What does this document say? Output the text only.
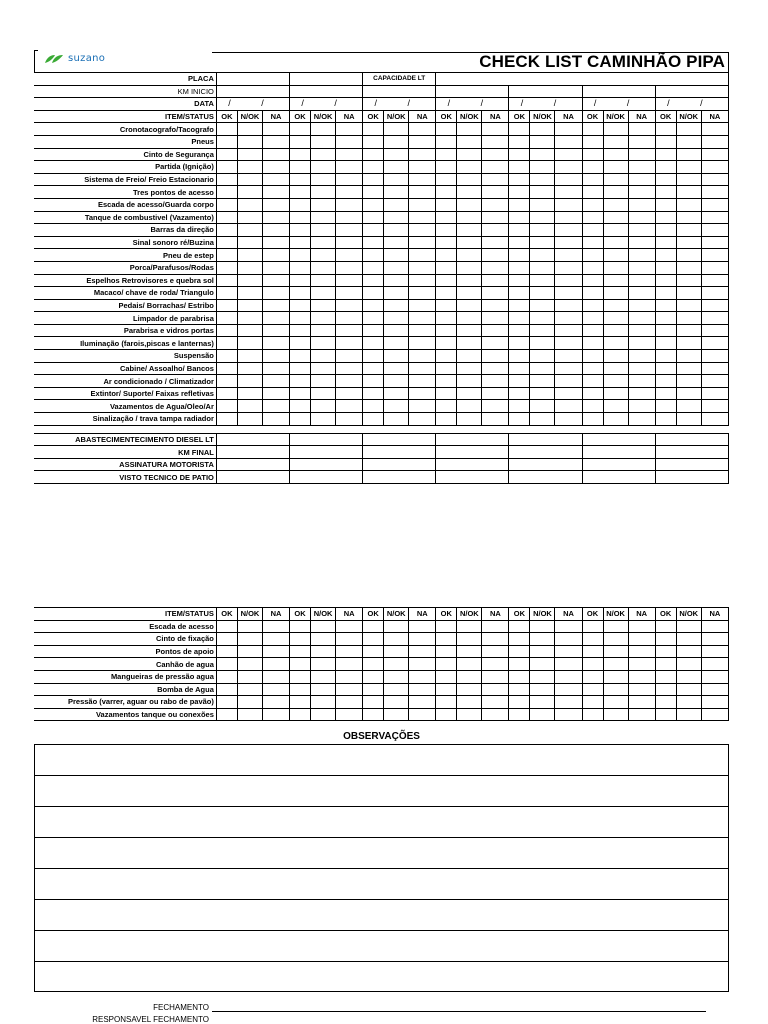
suzano	CHECK LIST CAMINHÃO PIPA
PLACA							CAPACIDADE LT														
KM INICIO																					
DATA	/ /			/ /			/ /			/ /			/ /			/ /			/ /		
ITEM/STATUS	OK	N/OK	NA	OK	N/OK	NA	OK	N/OK	NA	OK	N/OK	NA	OK	N/OK	NA	OK	N/OK	NA	OK	N/OK	NA
Cronotacografo/Tacografo																					
Pneus																					
Cinto de Segurança																					
Partida (Ignição)																					
Sistema de Freio/ Freio Estacionario																					
Tres pontos de acesso																					
Escada de acesso/Guarda corpo																					
Tanque de combustivel (Vazamento)																					
Barras da direção																					
Sinal sonoro ré/Buzina																					
Pneu de estep																					
Porca/Parafusos/Rodas																					
Espelhos Retrovisores e quebra sol																					
Macaco/ chave de roda/ Triangulo																					
Pedais/ Borrachas/ Estribo																					
Limpador de parabrisa																					
Parabrisa e vidros portas																					
Iluminação (farois,piscas e lanternas)																					
Suspensão																					
Cabine/ Assoalho/ Bancos																					
Ar condicionado / Climatizador																					
Extintor/ Suporte/ Faixas refletivas																					
Vazamentos de Agua/Oleo/Ar																					
Sinalização / trava tampa radiador																					

ABASTECIMENTECIMENTO DIESEL LT																					
KM FINAL																					
ASSINATURA MOTORISTA																					
VISTO TECNICO DE PATIO																					
ITEM/STATUS	OK	N/OK	NA	OK	N/OK	NA	OK	N/OK	NA	OK	N/OK	NA	OK	N/OK	NA	OK	N/OK	NA	OK	N/OK	NA
Escada de acesso																					
Cinto de fixação																					
Pontos de apoio																					
Canhão de agua																					
Mangueiras de pressão agua																					
Bomba de Agua																					
Pressão (varrer, aguar ou rabo de pavão)																					
Vazamentos tanque ou conexões																					
OBSERVAÇÕES
FECHAMENTO
RESPONSAVEL FECHAMENTO
